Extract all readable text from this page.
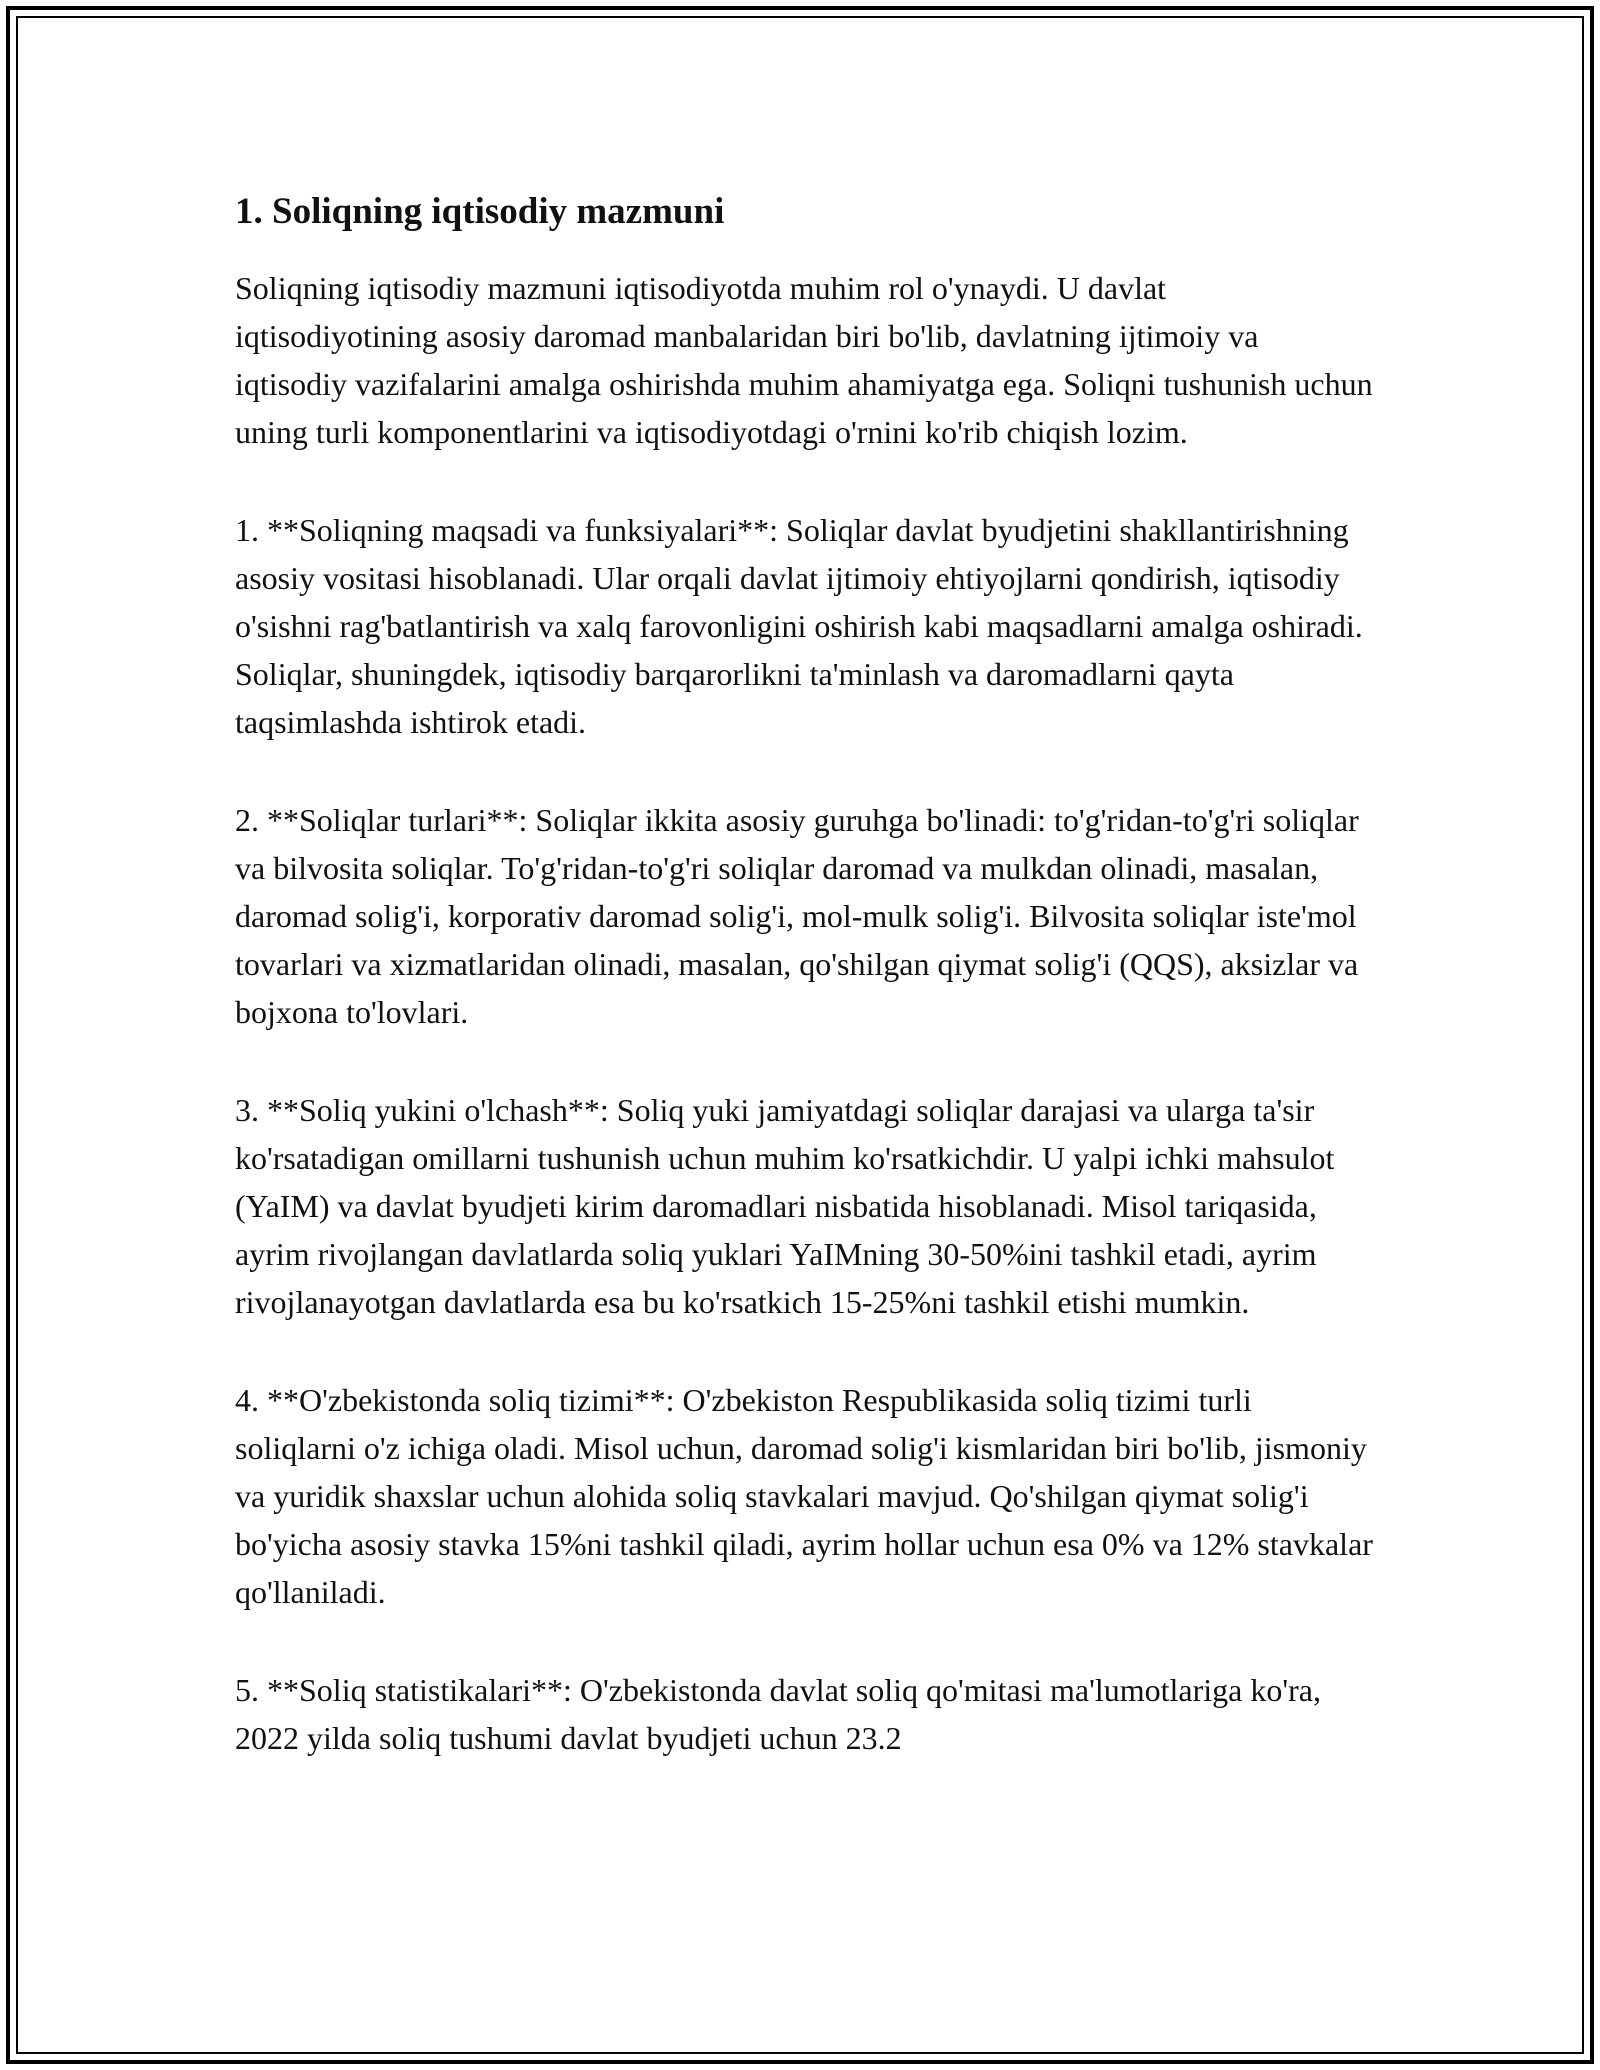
1. Soliqning iqtisodiy mazmuni

Soliqning iqtisodiy mazmuni iqtisodiyotda muhim rol o'ynaydi. U davlat iqtisodiyotining asosiy daromad manbalaridan biri bo'lib, davlatning ijtimoiy va iqtisodiy vazifalarini amalga oshirishda muhim ahamiyatga ega. Soliqni tushunish uchun uning turli komponentlarini va iqtisodiyotdagi o'rnini ko'rib chiqish lozim.

1. **Soliqning maqsadi va funksiyalari**: Soliqlar davlat byudjetini shakllantirishning asosiy vositasi hisoblanadi. Ular orqali davlat ijtimoiy ehtiyojlarni qondirish, iqtisodiy o'sishni rag'batlantirish va xalq farovonligini oshirish kabi maqsadlarni amalga oshiradi. Soliqlar, shuningdek, iqtisodiy barqarorlikni ta'minlash va daromadlarni qayta taqsimlashda ishtirok etadi.

2. **Soliqlar turlari**: Soliqlar ikkita asosiy guruhga bo'linadi: to'g'ridan-to'g'ri soliqlar va bilvosita soliqlar. To'g'ridan-to'g'ri soliqlar daromad va mulkdan olinadi, masalan, daromad solig'i, korporativ daromad solig'i, mol-mulk solig'i. Bilvosita soliqlar iste'mol tovarlari va xizmatlaridan olinadi, masalan, qo'shilgan qiymat solig'i (QQS), aksizlar va bojxona to'lovlari.

3. **Soliq yukini o'lchash**: Soliq yuki jamiyatdagi soliqlar darajasi va ularga ta'sir ko'rsatadigan omillarni tushunish uchun muhim ko'rsatkichdir. U yalpi ichki mahsulot (YaIM) va davlat byudjeti kirim daromadlari nisbatida hisoblanadi. Misol tariqasida, ayrim rivojlangan davlatlarda soliq yuklari YaIMning 30-50%ini tashkil etadi, ayrim rivojlanayotgan davlatlarda esa bu ko'rsatkich 15-25%ni tashkil etishi mumkin.

4. **O'zbekistonda soliq tizimi**: O'zbekiston Respublikasida soliq tizimi turli soliqlarni o'z ichiga oladi. Misol uchun, daromad solig'i kismlaridan biri bo'lib, jismoniy va yuridik shaxslar uchun alohida soliq stavkalari mavjud. Qo'shilgan qiymat solig'i bo'yicha asosiy stavka 15%ni tashkil qiladi, ayrim hollar uchun esa 0% va 12% stavkalar qo'llaniladi.

5. **Soliq statistikalari**: O'zbekistonda davlat soliq qo'mitasi ma'lumotlariga ko'ra, 2022 yilda soliq tushumi davlat byudjeti uchun 23.2
